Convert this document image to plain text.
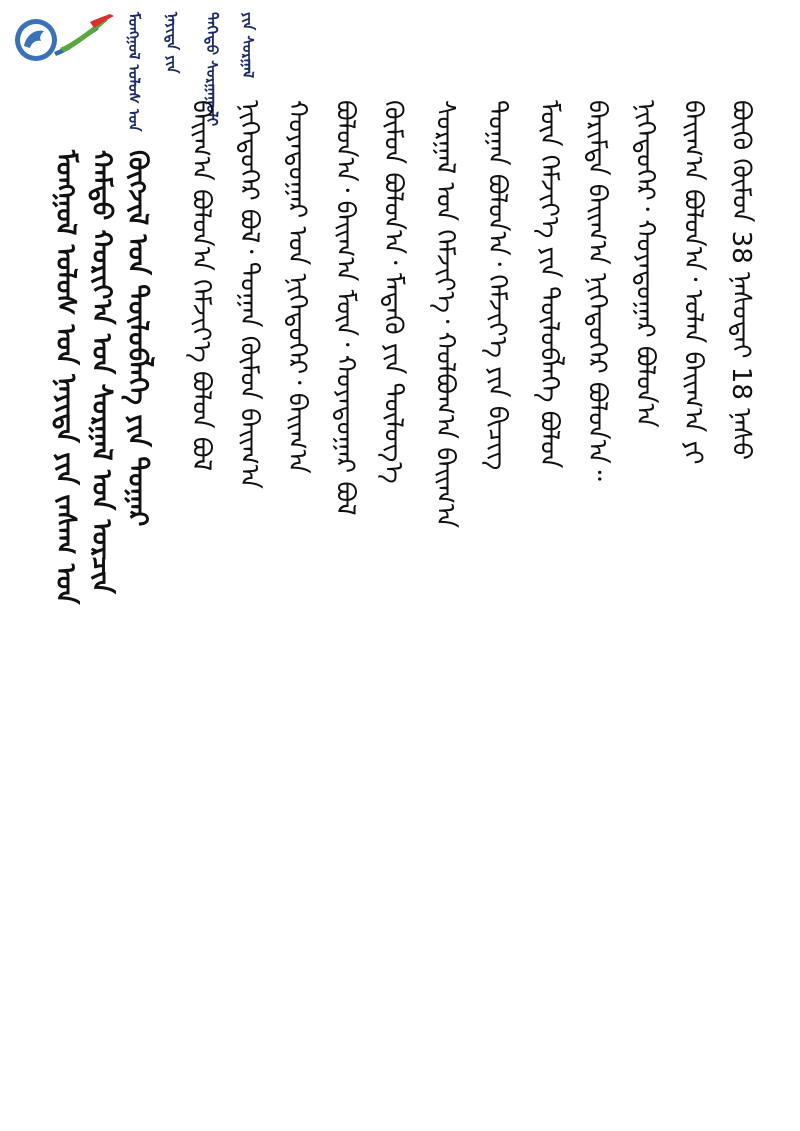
ᠮᠣᠩᠭᠣᠯ ᠤᠯᠤᠰ ᠤᠨ ᠨᠡᠶᠢᠲᠡ ᠶᠢᠨ ᠳᠡᠭᠡᠳᠦ ᠰᠤᠷᠭᠠᠭᠤᠯᠢ ᠶᠢᠨ ᠰᠤᠷᠭᠠᠯ
ᠮᠣᠩᠭᠣᠯ ᠤᠯᠤᠰ ᠤᠨ ᠨᠡᠶᠢᠲᠡ ᠶᠢᠨ ᠵᠠᠰᠠᠭ ᠤᠨ ᠬᠠᠮᠲᠤ ᠬᠣᠷᠢᠶ᠎ᠠ ᠤᠨ ᠰᠤᠷᠭᠠᠯ ᠤᠨ ᠣᠷᠴᠢᠨ ᠬᠥᠭᠵᠢᠯ ᠤᠨ ᠲᠥᠯᠥᠪᠯᠡᠭᠡ ᠶᠢᠨ ᠳᠤᠭᠠᠷ ᠪᠠᠢᠭ᠎ᠠ ᠪᠣᠯᠤᠨ᠎ᠠ ᠬᠡᠮᠵᠢᠶ᠎ᠡ ᠪᠣᠯᠤᠨ ᠪᠣᠯ ᠨᠢᠭᠡᠳᠦᠭᠡᠷ ᠪᠣᠯ᠂ ᠲᠣᠭᠠᠨ ᠬᠦᠮᠦᠨ ᠪᠠᠢᠭ᠎ᠠ ᠬᠣᠶᠠᠳᠤᠭᠠᠷ ᠤᠨ ᠨᠢᠭᠡᠳᠦᠭᠡᠷ᠂ ᠪᠠᠢᠭ᠎ᠠ ᠪᠣᠯᠤᠨ᠎ᠠ᠂ ᠪᠠᠢᠭ᠎ᠠ ᠮᠥᠨ᠂ ᠬᠣᠶᠠᠳᠤᠭᠠᠷ ᠪᠣᠯ ᠬᠦᠮᠦᠨ ᠪᠣᠯᠤᠨ᠎ᠠ᠂ ᠮᠡᠳᠡᠬᠦ ᠶᠢᠨ ᠲᠥᠯᠥᠭ᠎ᠡ ᠰᠤᠷᠭᠠᠯ ᠤᠨ ᠬᠡᠮᠵᠢᠶ᠎ᠡ᠂ ᠬᠣᠯᠪᠣᠭ᠎ᠠ ᠪᠠᠢᠭ᠎ᠠ ᠲᠣᠭᠠᠨ ᠪᠣᠯᠤᠨ᠎ᠠ᠂ ᠬᠡᠮᠵᠢᠶ᠎ᠡ ᠶᠢᠨ ᠪᠢᠴᠢᠭ ᠮᠥᠨ ᠬᠡᠮᠵᠢᠶ᠎ᠡ ᠶᠢᠨ ᠲᠥᠯᠥᠪᠯᠡᠭᠡ ᠪᠣᠯᠤᠨ ᠪᠠᠷᠢᠮᠲᠠ ᠪᠠᠢᠭ᠎ᠠ ᠨᠢᠭᠡᠳᠦᠭᠡᠷ ᠪᠣᠯᠤᠨ᠎ᠠ᠃ ᠨᠢᠭᠡᠳᠦᠭᠡᠷ᠂ ᠬᠣᠶᠠᠳᠤᠭᠠᠷ ᠪᠣᠯᠤᠨ᠎ᠠ ᠪᠠᠢᠭ᠎ᠠ ᠪᠣᠯᠤᠨ᠎ᠠ᠂ ᠣᠯᠠᠨ ᠪᠠᠢᠭ᠎ᠠ ᠶᠢ ᠪᠦᠬᠦ ᠬᠦᠮᠦᠨ 38 ᠨᠠᠰᠤᠲᠠᠢ 18 ᠨᠠᠰᠤ
